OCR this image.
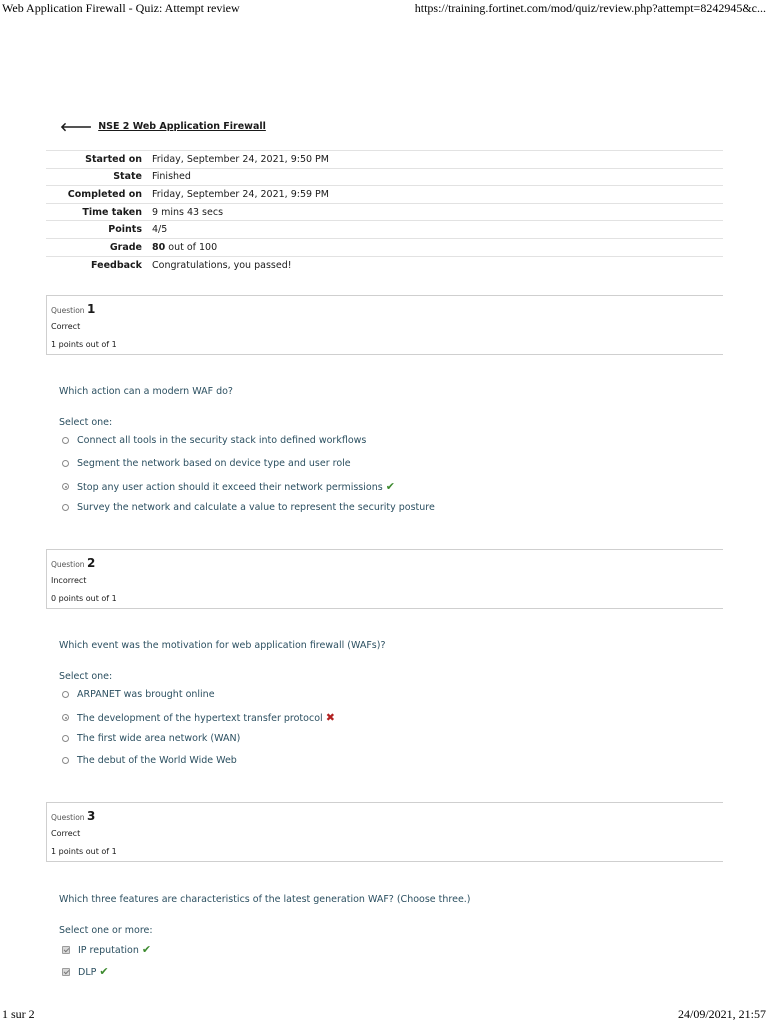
Web Application Firewall - Quiz: Attempt review	https://training.fortinet.com/mod/quiz/review.php?attempt=8242945&c...
🡐 NSE 2 Web Application Firewall
Started on	Friday, September 24, 2021, 9:50 PM
State	Finished
Completed on	Friday, September 24, 2021, 9:59 PM
Time taken	9 mins 43 secs
Points	4/5
Grade	80 out of 100
Feedback	Congratulations, you passed!
Question 1
Correct
1 points out of 1
Which action can a modern WAF do?
Select one:
Connect all tools in the security stack into defined workflows
Segment the network based on device type and user role
Stop any user action should it exceed their network permissions ✔
Survey the network and calculate a value to represent the security posture
Question 2
Incorrect
0 points out of 1
Which event was the motivation for web application firewall (WAFs)?
Select one:
ARPANET was brought online
The development of the hypertext transfer protocol ✖
The first wide area network (WAN)
The debut of the World Wide Web
Question 3
Correct
1 points out of 1
Which three features are characteristics of the latest generation WAF? (Choose three.)
Select one or more:
IP reputation ✔
DLP ✔
1 sur 2	24/09/2021, 21:57
